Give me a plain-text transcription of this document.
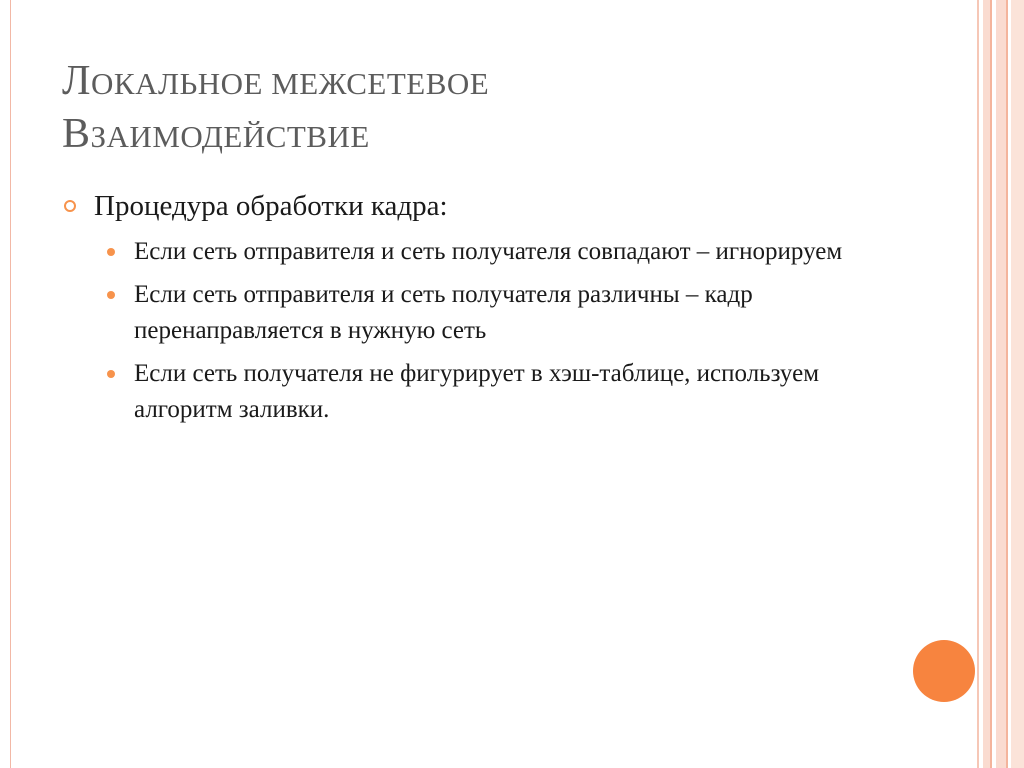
ЛОКАЛЬНОЕ МЕЖСЕТЕВОЕ
ВЗАИМОДЕЙСТВИЕ
Процедура обработки кадра:
Если сеть отправителя и сеть получателя совпадают – игнорируем
Если сеть отправителя и сеть получателя различны – кадр перенаправляется в нужную сеть
Если сеть получателя не фигурирует в хэш-таблице, используем алгоритм заливки.
